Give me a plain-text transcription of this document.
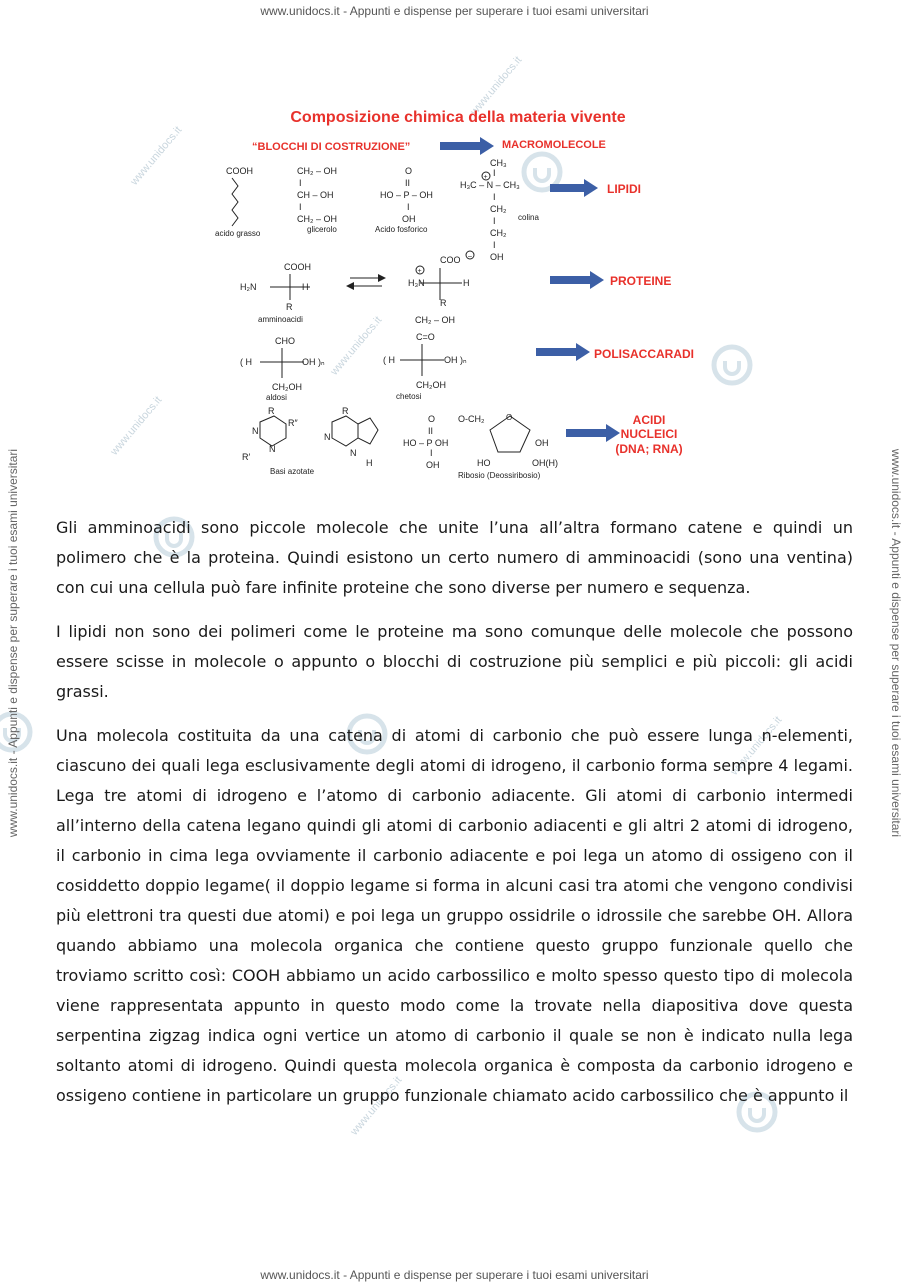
www.unidocs.it
www.unidocs.it
www.unidocs.it
www.unidocs.it
www.unidocs.it
www.unidocs.it
www.unidocs.it - Appunti e dispense per superare i tuoi esami universitari
www.unidocs.it - Appunti e dispense per superare i tuoi esami universitari
www.unidocs.it - Appunti e dispense per superare i tuoi esami universitari	www.unidocs.it - Appunti e dispense per superare i tuoi esami universitari
Composizione chimica della materia vivente
“BLOCCHI DI COSTRUZIONE”	MACROMOLECOLE
LIPIDI
PROTEINE
POLISACCARADI
ACIDI
NUCLEICI
(DNA; RNA)
COOH
acido grasso
CH₂ – OH
I
CH – OH
I
CH₂ – OH
glicerolo
O
II
HO – P – OH
I
OH
Acido fosforico
CH₃
I
H₃C – N – CH₃
I
CH₂
I
CH₂
I
OH
colina
+
COOH
H₂N	H
R
amminoacidi
COO –
H₃N	H
+
R
CHO
( H	OH )ₙ
CH₂OH
aldosi
CH₂ – OH
C=O
( H	OH )ₙ
CH₂OH
chetosi
R
R″
R′
N
N
R
N
N
H
Basi azotate
O
II
HO – P OH
I
OH
O-CH₂	O
OH
HO	OH(H)
Ribosio (Deossiribosio)

Gli amminoacidi sono piccole molecole che unite l’una all’altra formano catene e quindi un polimero che è la proteina. Quindi esistono un certo numero di amminoacidi (sono una ventina) con cui una cellula può fare infinite proteine che sono diverse per numero e sequenza.

I lipidi non sono dei polimeri come le proteine ma sono comunque delle molecole che possono essere scisse in molecole o appunto o blocchi di costruzione più semplici e più piccoli: gli acidi grassi.

Una molecola costituita da una catena di atomi di carbonio che può essere lunga n-elementi, ciascuno dei quali lega esclusivamente degli atomi di idrogeno, il carbonio forma sempre 4 legami. Lega tre atomi di idrogeno e l’atomo di carbonio adiacente. Gli atomi di carbonio intermedi all’interno della catena legano quindi gli atomi di carbonio adiacenti e gli altri 2 atomi di idrogeno, il carbonio in cima lega ovviamente il carbonio adiacente e poi lega un atomo di ossigeno con il cosiddetto doppio legame( il doppio legame si forma in alcuni casi tra atomi che vengono condivisi più elettroni tra questi due atomi) e poi lega un gruppo ossidrile o idrossile che sarebbe OH. Allora quando abbiamo una molecola organica che contiene questo gruppo funzionale quello che troviamo scritto così: COOH abbiamo un acido carbossilico e molto spesso questo tipo di molecola viene rappresentata appunto in questo modo come la trovate nella diapositiva dove questa serpentina zigzag indica ogni vertice un atomo di carbonio il quale se non è indicato nulla lega soltanto atomi di idrogeno. Quindi questa molecola organica è composta da carbonio idrogeno e ossigeno contiene in particolare un gruppo funzionale chiamato acido carbossilico che è appunto il
